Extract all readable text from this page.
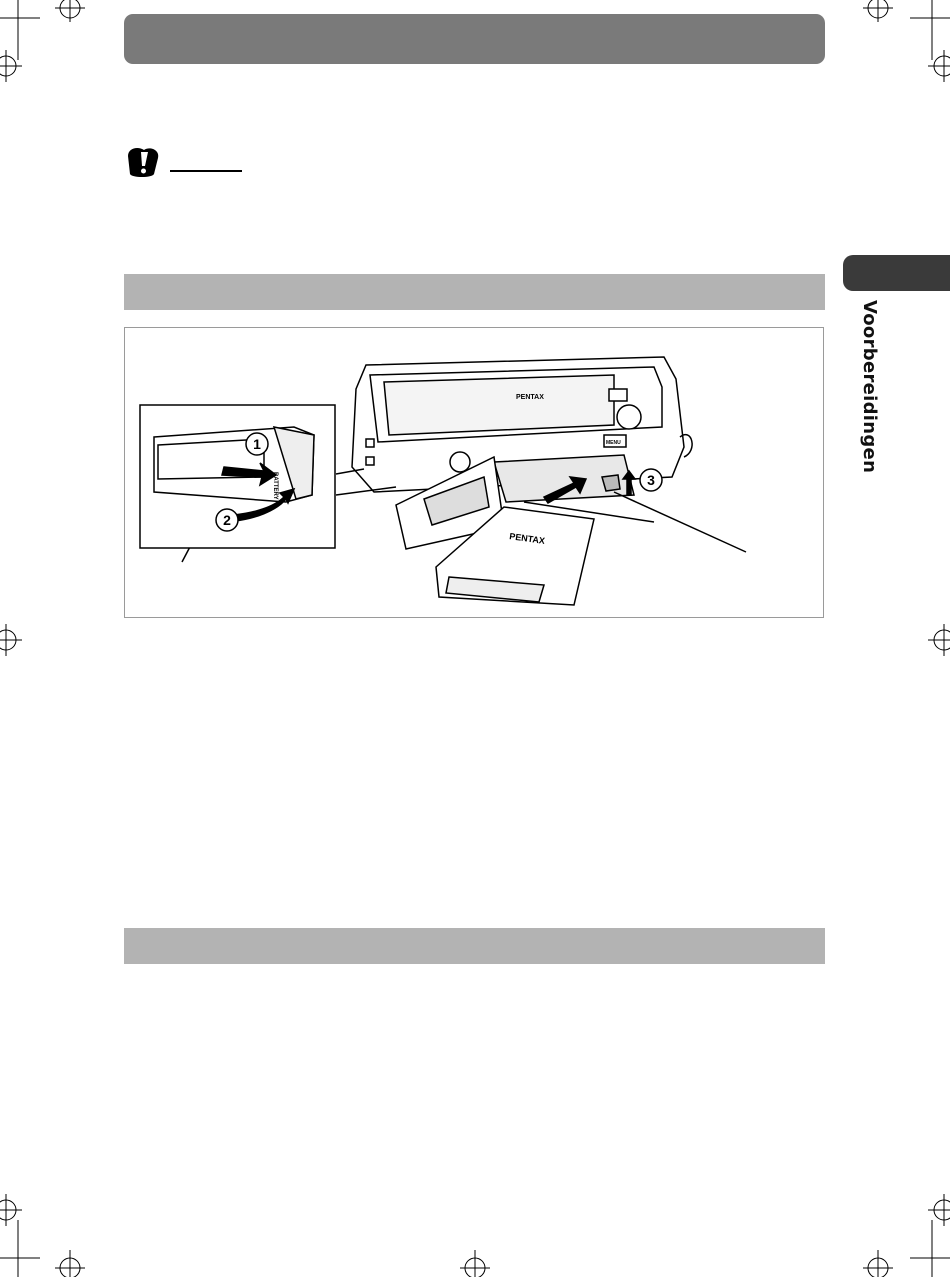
Voorbereidingen
1
2
3
PENTAX
PENTAX
BATTERY
MENU
